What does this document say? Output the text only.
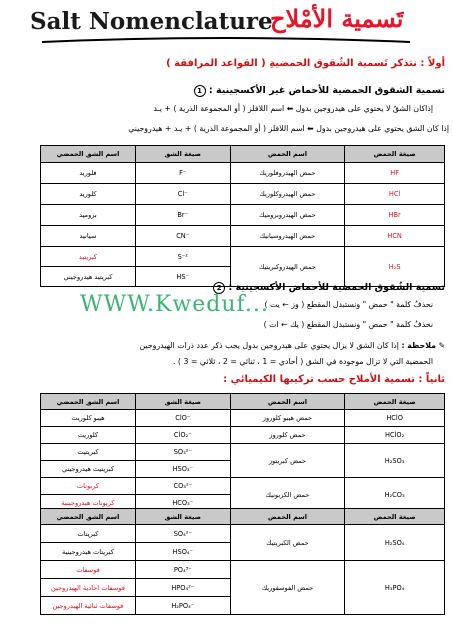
Salt Nomenclature
تَسمية الأمْلاح
أولاً : نتذكر تَسمية الشُقوق الحمضيةِ ( القواعد المرافقة )
تسمية الشقوق الحمضية للأحماض غير الأكسجينية : 1
إذاكان الشقُ لا يحتوي على هيدروجين بدول ⬅ اسم اللافلز ( أو المجموعة الذرية ) + يـد
إذا كان الشق يحتوي على هيدروجين بدول ⬅ اسم اللافلز ( أو المجموعة الذرية ) + يـد + هيدروجيني
اسم الشق الحمضي	صيغة الشق	اسم الحمض	صيغة الحمض
فلوريد	F⁻	حمض الهيدروفلوريك	HF
كلوريد	Cl⁻	حمض الهيدروكلوريك	HCl
بروميد	Br⁻	حمض الهيدروبروميك	HBr
سيانيد	CN⁻	حمض الهيدروسيانيك	HCN
كبريتيد	S⁻²	حمض الهيدروكبريتيك	H₂S
كبريتيد هيدروجيني	HS⁻		
تسمية الشُقوق الحمضية للأحماض الأكسجينية : 2
WWW.Kweduf...
نحذفُ كلمة " حمض " ونستبدل المقطع ( وز ← يت )
نحذفُ كلمة " حمض " ونستبدل المقطع ( يك ← ات )
✎ ملاحظة : إذا كان الشق لا يزال يحتوي على هيدروجين بدول يجب ذكر عدد ذرات الهيدروجين
الحمضية التي لا تزال موجودة في الشق ( أحادي = 1 ، ثنائي = 2 ، ثلاثي = 3 ) .
ثانياً : تسمية الأملاح حسب تركيبها الكيميائي :
اسم الشق الحمضي	صيغة الشق	اسم الحمض	صيغة الحمض
هيبو كلوريت	ClO⁻	حمض هيبو كلوروز	HClO
كلوريت	ClO₂⁻	حمض كلوروز	HClO₂
كبريتيت	SO₃²⁻	حمض كبريتوز	H₂SO₃
كبريتيت هيدروجيني	HSO₃⁻		
كربونات	CO₃²⁻	حمض الكربونيك	H₂CO₃
كربونات هيدروجينية	HCO₃⁻		
اسم الشق الحمضي	صيغة الشق	اسم الحمض	صيغة الحمض
كبريتات	SO₄²⁻	حمض الكبريتيك	H₂SO₄
كبريتات هيدروجينية	HSO₄⁻		
فوسفات	PO₄³⁻	حمض الفوسفوريك	H₃PO₄
فوسفات احادية الهيدروجين	HPO₄²⁻		
فوسفات ثنائية الهيدروجين	H₂PO₄⁻		
